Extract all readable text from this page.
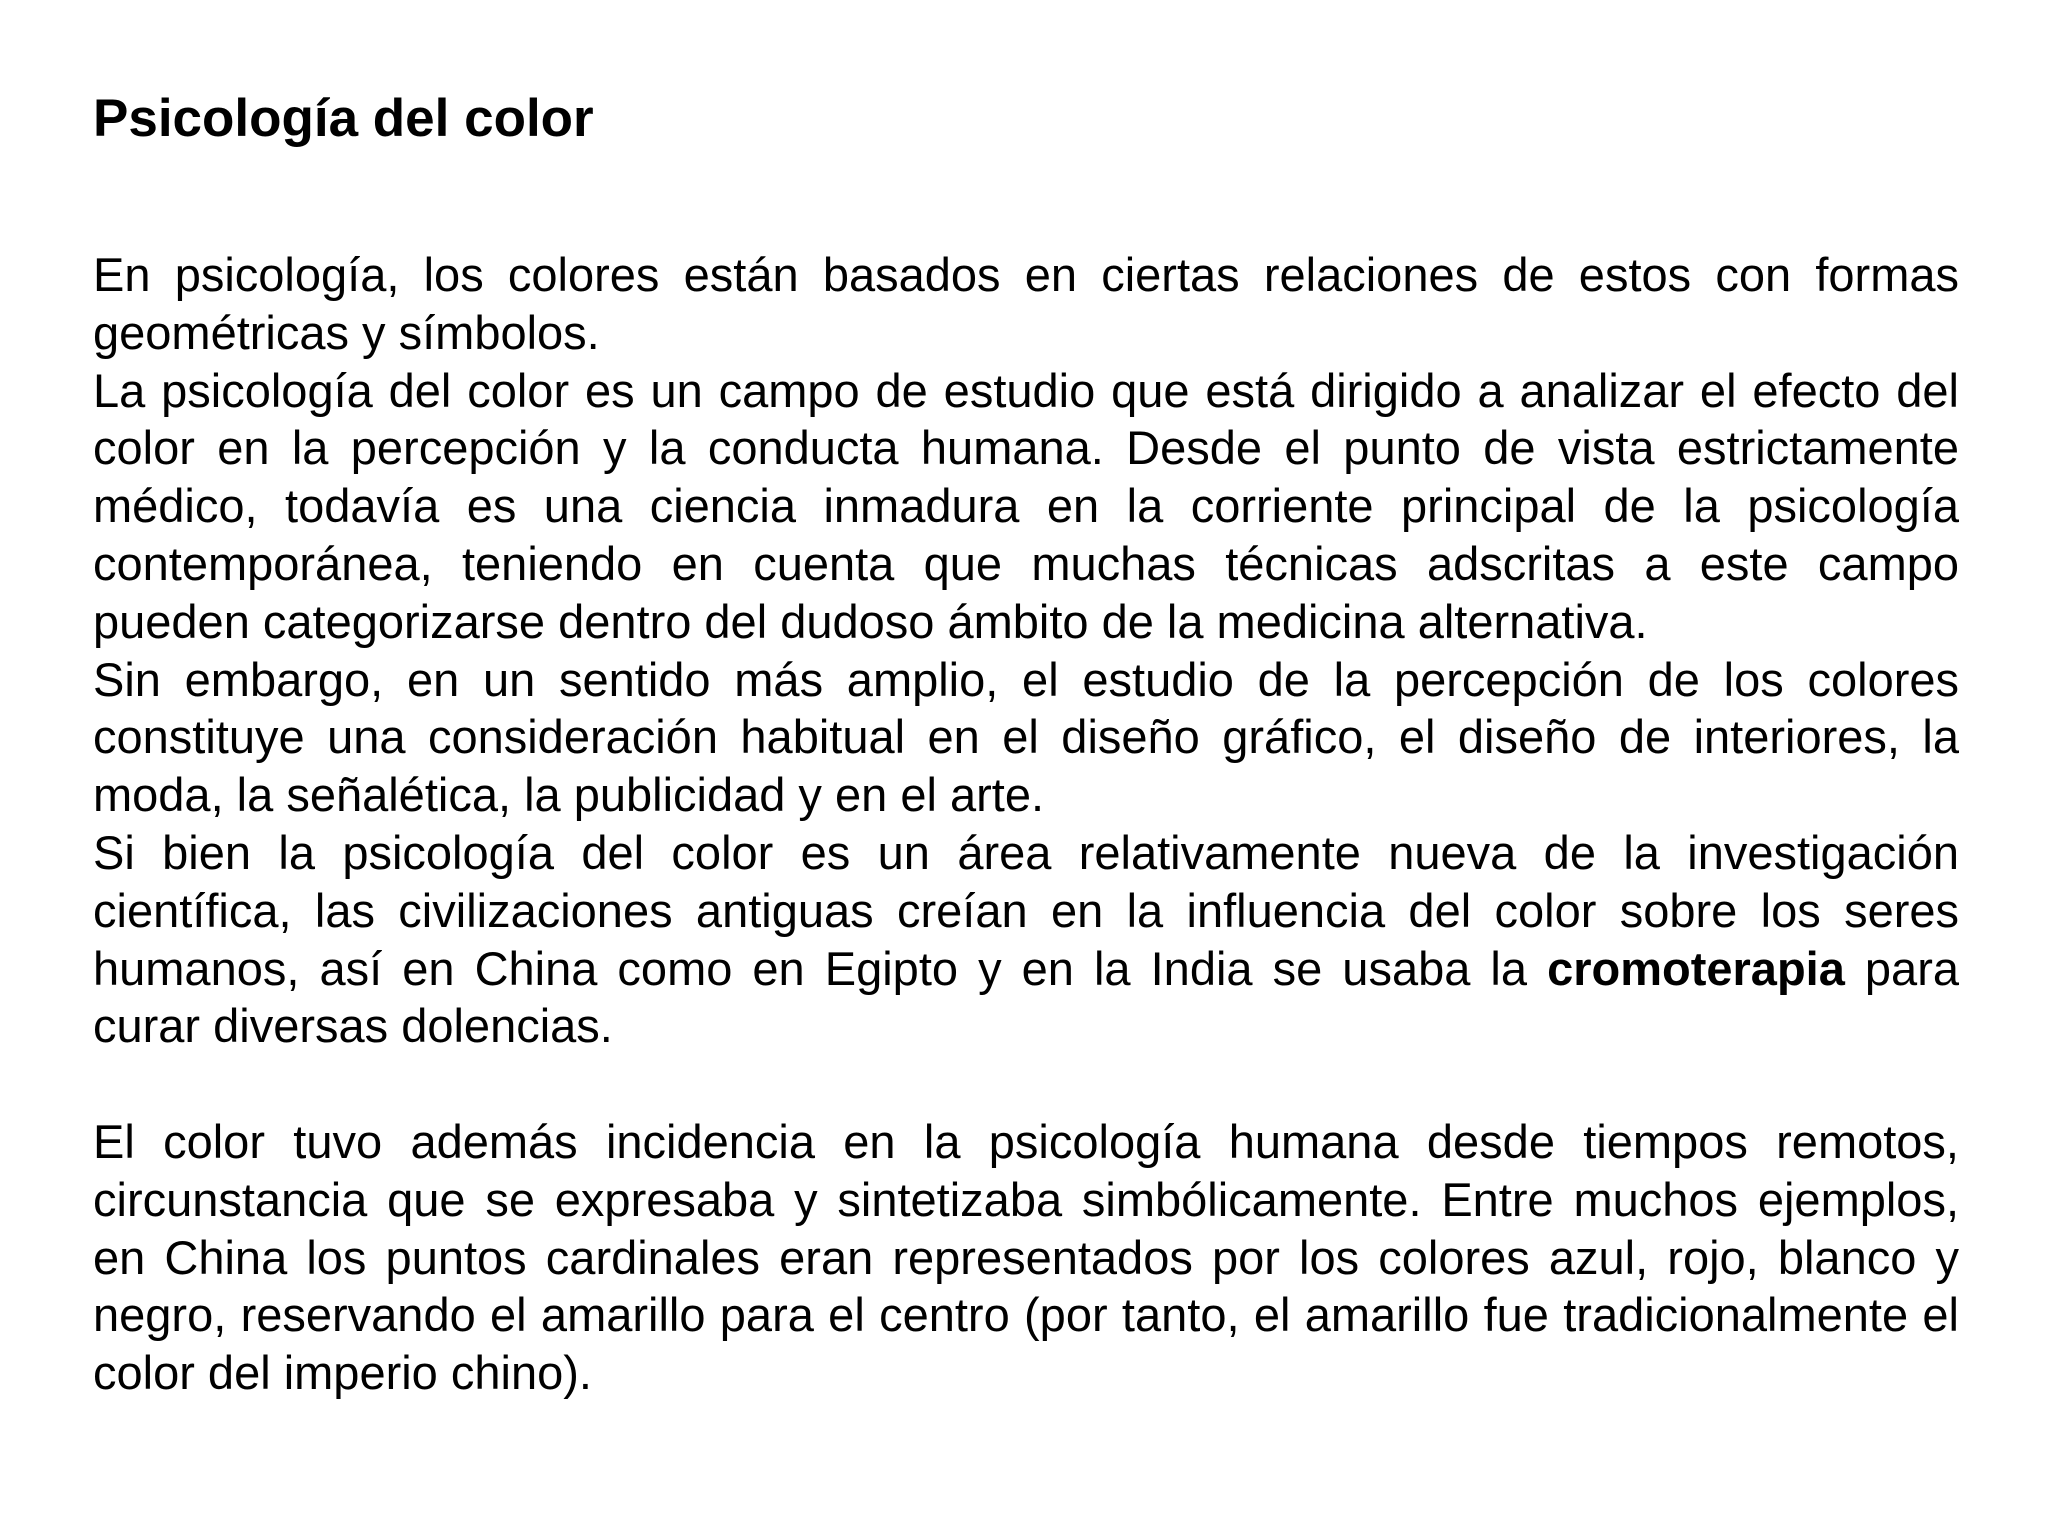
Psicología del color

En psicología, los colores están basados en ciertas relaciones de estos con formas geométricas y símbolos.

La psicología del color es un campo de estudio que está dirigido a analizar el efecto del color en la percepción y la conducta humana. Desde el punto de vista estrictamente médico, todavía es una ciencia inmadura en la corriente principal de la psicología contemporánea, teniendo en cuenta que muchas técnicas adscritas a este campo pueden categorizarse dentro del dudoso ámbito de la medicina alternativa.

Sin embargo, en un sentido más amplio, el estudio de la percepción de los colores constituye una consideración habitual en el diseño gráfico, el diseño de interiores, la moda, la señalética, la publicidad y en el arte.

Si bien la psicología del color es un área relativamente nueva de la investigación científica, las civilizaciones antiguas creían en la influencia del color sobre los seres humanos, así en China como en Egipto y en la India se usaba la cromoterapia para curar diversas dolencias.

El color tuvo además incidencia en la psicología humana desde tiempos remotos, circunstancia que se expresaba y sintetizaba simbólicamente. Entre muchos ejemplos, en China los puntos cardinales eran representados por los colores azul, rojo, blanco y negro, reservando el amarillo para el centro (por tanto, el amarillo fue tradicionalmente el color del imperio chino).
